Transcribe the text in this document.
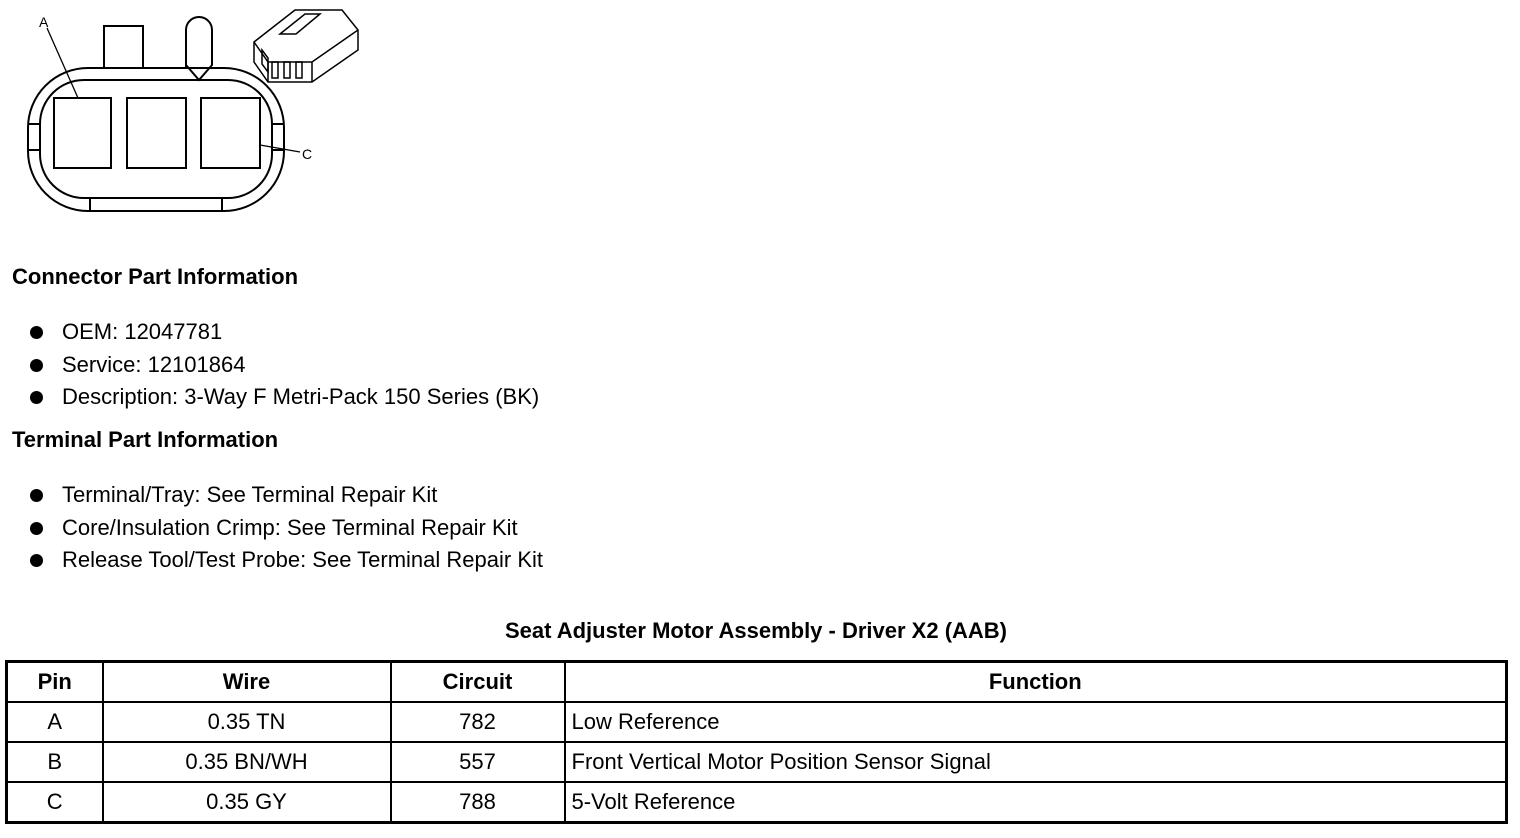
A
C
Connector Part Information
OEM: 12047781
Service: 12101864
Description: 3-Way F Metri-Pack 150 Series (BK)
Terminal Part Information
Terminal/Tray: See Terminal Repair Kit
Core/Insulation Crimp: See Terminal Repair Kit
Release Tool/Test Probe: See Terminal Repair Kit
Seat Adjuster Motor Assembly - Driver X2 (AAB)
Pin	Wire	Circuit	Function
A	0.35 TN	782	Low Reference
B	0.35 BN/WH	557	Front Vertical Motor Position Sensor Signal
C	0.35 GY	788	5-Volt Reference
